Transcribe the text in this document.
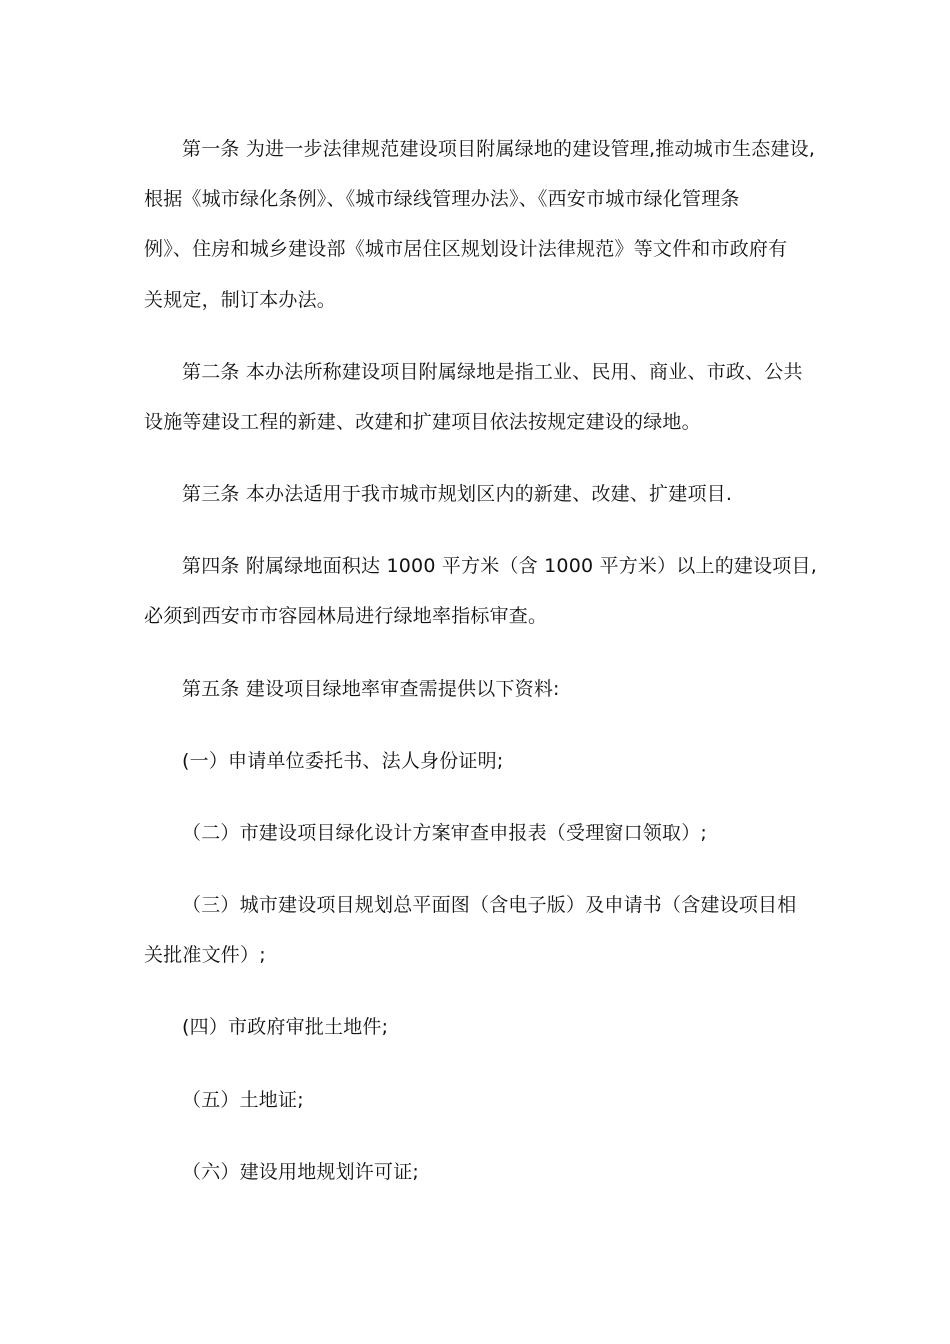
第一条 为进一步法律规范建设项目附属绿地的建设管理,推动城市生态建设,
根据《城市绿化条例》、《城市绿线管理办法》、《西安市城市绿化管理条
例》、住房和城乡建设部《城市居住区规划设计法律规范》等文件和市政府有
关规定，制订本办法。
第二条 本办法所称建设项目附属绿地是指工业、民用、商业、市政、公共
设施等建设工程的新建、改建和扩建项目依法按规定建设的绿地。
第三条 本办法适用于我市城市规划区内的新建、改建、扩建项目.
第四条 附属绿地面积达 1000 平方米（含 1000 平方米）以上的建设项目,
必须到西安市市容园林局进行绿地率指标审查。
第五条 建设项目绿地率审查需提供以下资料:
(一）申请单位委托书、法人身份证明;
（二）市建设项目绿化设计方案审查申报表（受理窗口领取）;
（三）城市建设项目规划总平面图（含电子版）及申请书（含建设项目相
关批准文件）;
(四）市政府审批土地件;
（五）土地证;
（六）建设用地规划许可证;
